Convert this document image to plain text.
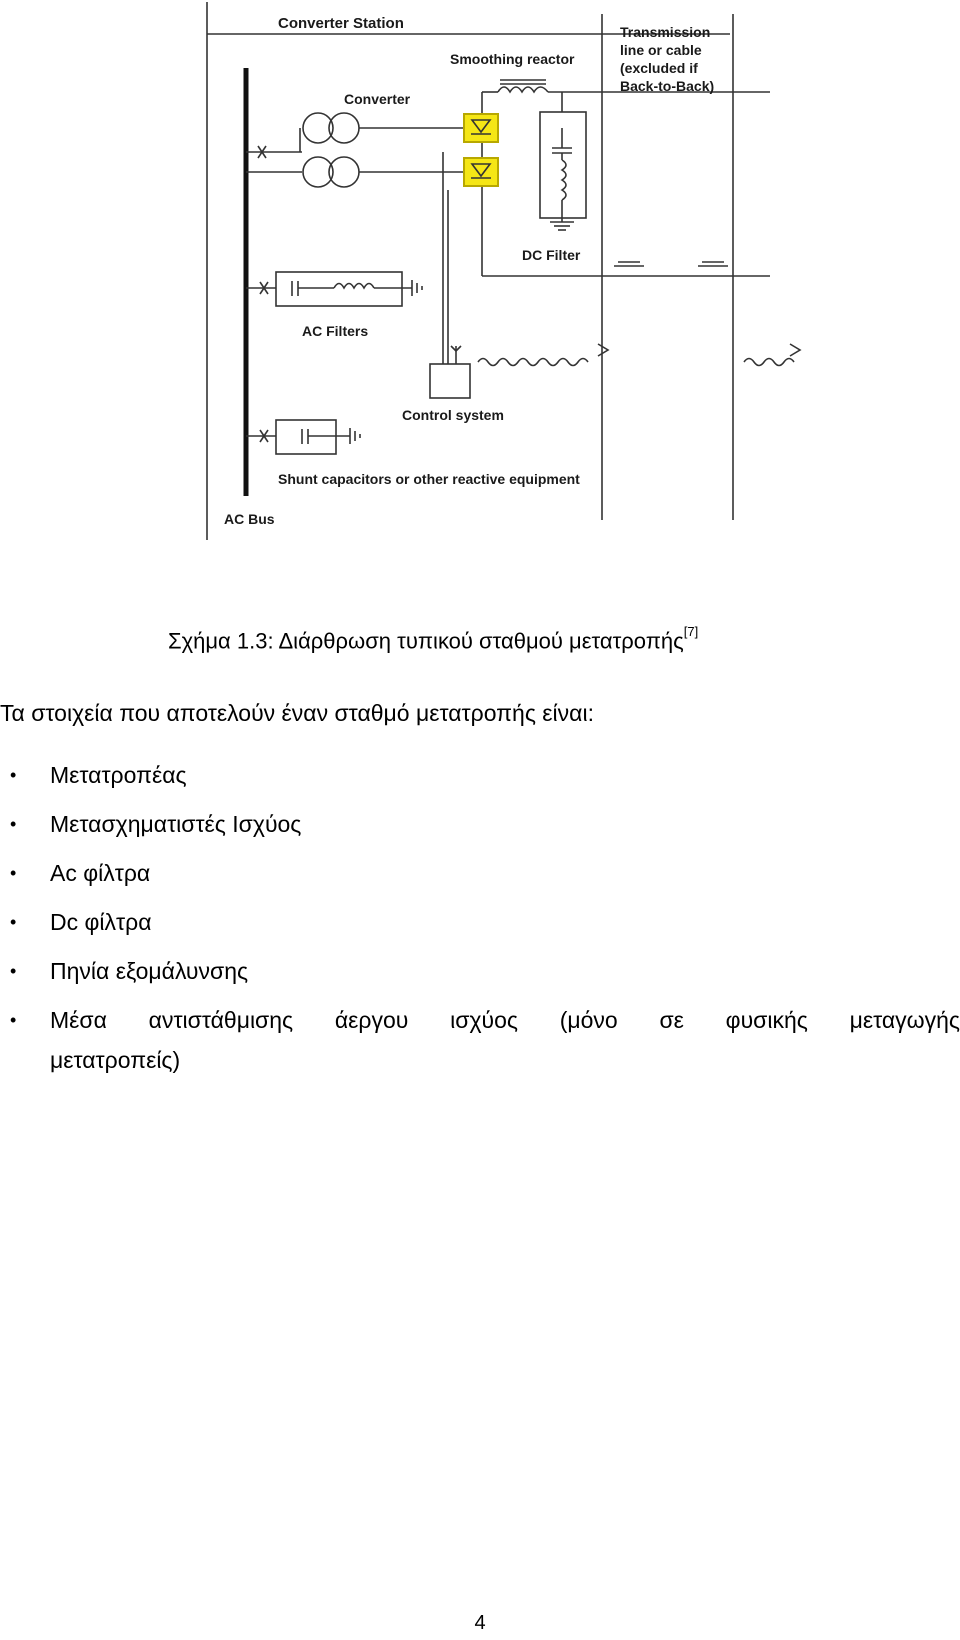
Converter Station	Transmission
line or cable
(excluded if
Back-to-Back)
Smoothing reactor
Converter
DC Filter
AC Filters
Control system
Shunt capacitors or other reactive equipment
AC Bus
Σχήμα 1.3: Διάρθρωση τυπικού σταθμού μετατροπής[7]
Τα στοιχεία που αποτελούν έναν σταθμό μετατροπής είναι:
• Μετατροπέας
• Μετασχηματιστές Ισχύος
• Ac φίλτρα
• Dc φίλτρα
• Πηνία εξομάλυνσης
• Μέσα αντιστάθμισης άεργου ισχύος (μόνο σε φυσικής μεταγωγής
μετατροπείς)
4
